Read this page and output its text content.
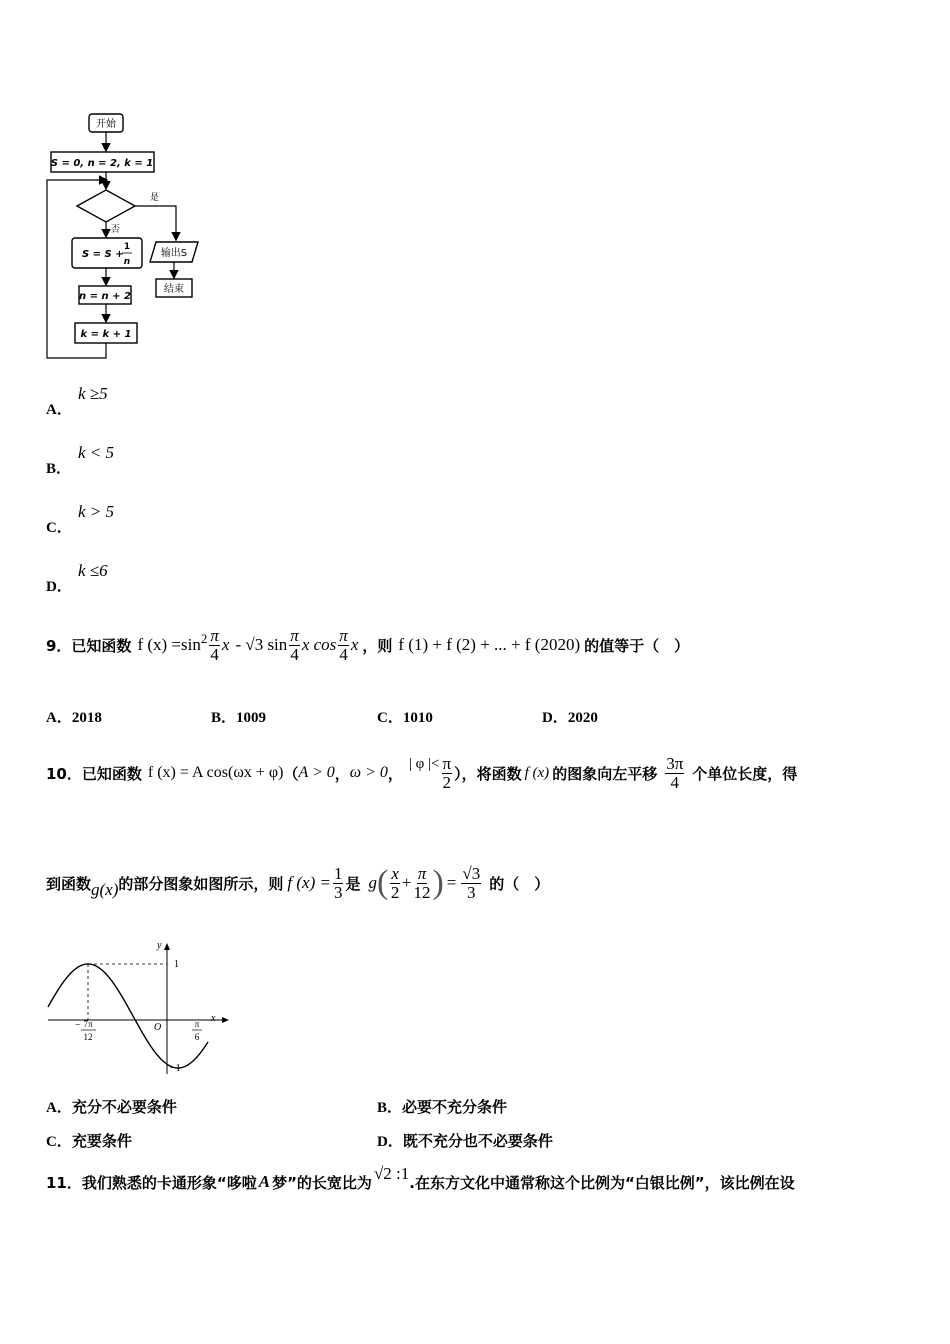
开始
S = 0, n = 2, k = 1
是
否
S = S +
1
n
n = n + 2
k = k + 1
输出S
结束
A．
k ≥5
B．
k < 5
C．
k > 5
D．
k ≤6
9．已知函数 f $(x) =\sin^2 \frac{\pi}{4}$ x - √3 $\sin \frac{\pi}{4}$ x $\cos \frac{\pi}{4}$ x ，则 f (1) + f (2) + ... + f (2020) 的值等于（　）
A．2018	B．1009	C．1010	D．2020
10．已知函数 f (x) = A cos(ωx + φ) （ A > 0 ， ω > 0 ，
| φ |< $\frac{\pi}{2}$ ），将函数 f (x) 的图象向左平移 $\frac{3\pi}{4}$ 个单位长度，得
到函数 g(x) 的部分图象如图所示，则 f $(x) = \frac{1}{3}$ 是 g ( $\frac{x}{2} + \frac{\pi}{12}$ ) = $\frac{√3}{3}$ 的（　）
y
x
O
1
−1
− 7π
12
π
6
A．充分不必要条件	B．必要不充分条件
C．充要条件	D．既不充分也不必要条件
11．我们熟悉的卡通形象“哆啦 A 梦”的长宽比为 √2 :1 .在东方文化中通常称这个比例为“白银比例”，该比例在设
